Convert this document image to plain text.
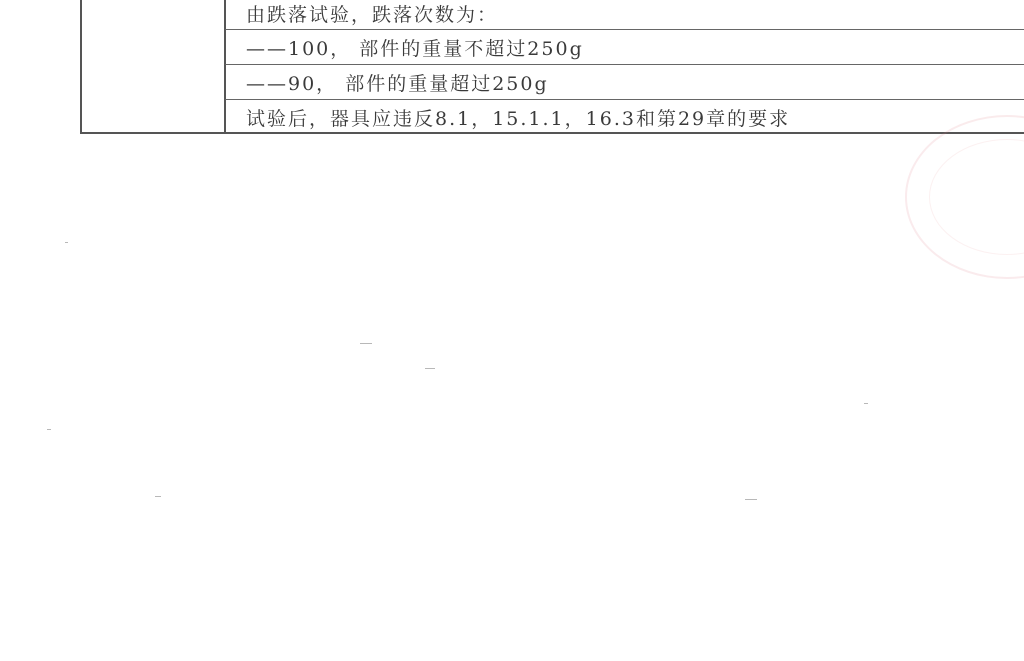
由跌落试验，跌落次数为：
——100， 部件的重量不超过250g
——90， 部件的重量超过250g
试验后，器具应违反8.1，15.1.1，16.3和第29章的要求
